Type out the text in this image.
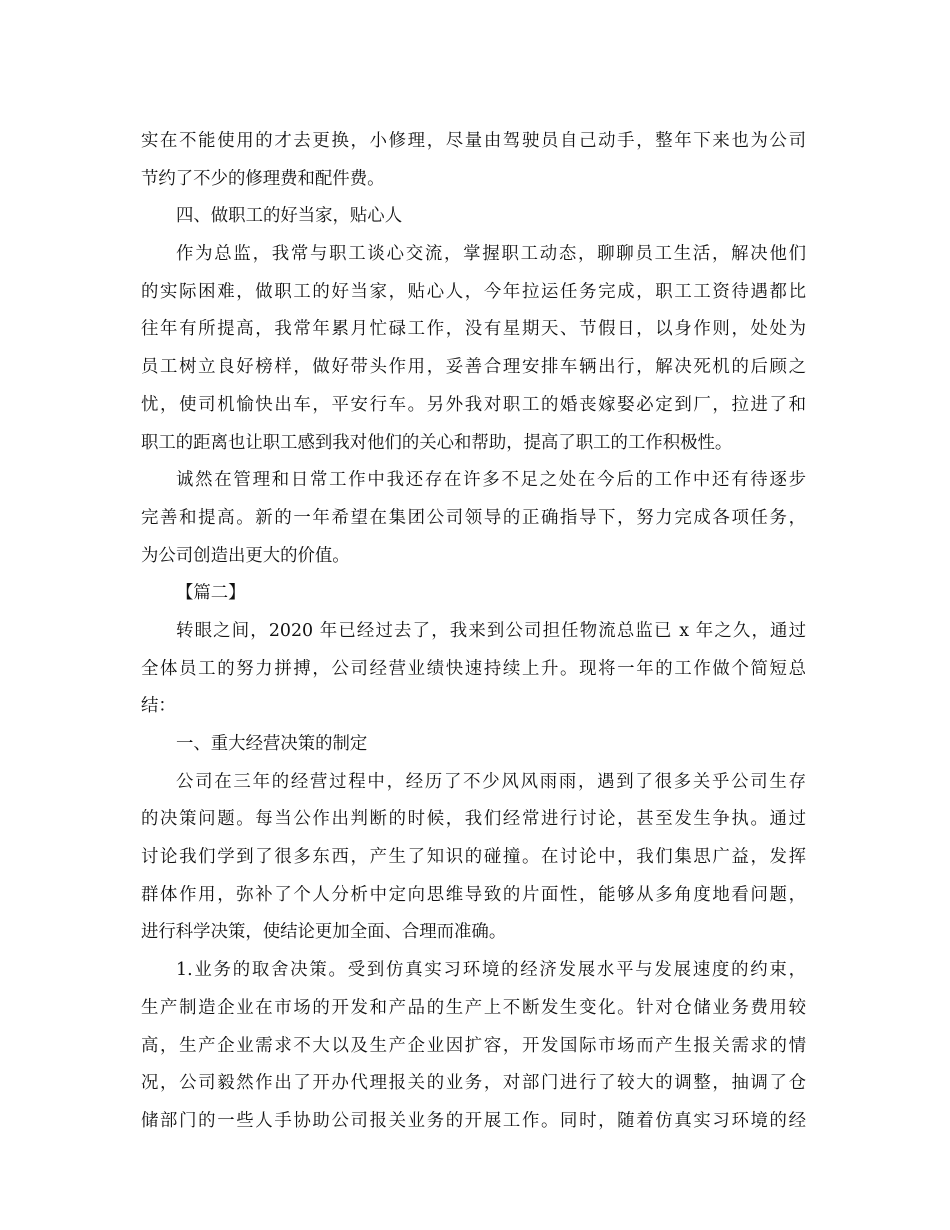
实在不能使用的才去更换，小修理，尽量由驾驶员自己动手，整年下来也为公司
节约了不少的修理费和配件费。
四、做职工的好当家，贴心人
作为总监，我常与职工谈心交流，掌握职工动态，聊聊员工生活，解决他们
的实际困难，做职工的好当家，贴心人，今年拉运任务完成，职工工资待遇都比
往年有所提高，我常年累月忙碌工作，没有星期天、节假日，以身作则，处处为
员工树立良好榜样，做好带头作用，妥善合理安排车辆出行，解决死机的后顾之
忧，使司机愉快出车，平安行车。另外我对职工的婚丧嫁娶必定到厂，拉进了和
职工的距离也让职工感到我对他们的关心和帮助，提高了职工的工作积极性。
诚然在管理和日常工作中我还存在许多不足之处在今后的工作中还有待逐步
完善和提高。新的一年希望在集团公司领导的正确指导下，努力完成各项任务，
为公司创造出更大的价值。
【篇二】
转眼之间，2020 年已经过去了，我来到公司担任物流总监已 x 年之久，通过
全体员工的努力拼搏，公司经营业绩快速持续上升。现将一年的工作做个简短总
结：
一、重大经营决策的制定
公司在三年的经营过程中，经历了不少风风雨雨，遇到了很多关乎公司生存
的决策问题。每当公作出判断的时候，我们经常进行讨论，甚至发生争执。通过
讨论我们学到了很多东西，产生了知识的碰撞。在讨论中，我们集思广益，发挥
群体作用，弥补了个人分析中定向思维导致的片面性，能够从多角度地看问题，
进行科学决策，使结论更加全面、合理而准确。
1.业务的取舍决策。受到仿真实习环境的经济发展水平与发展速度的约束，
生产制造企业在市场的开发和产品的生产上不断发生变化。针对仓储业务费用较
高，生产企业需求不大以及生产企业因扩容，开发国际市场而产生报关需求的情
况，公司毅然作出了开办代理报关的业务，对部门进行了较大的调整，抽调了仓
储部门的一些人手协助公司报关业务的开展工作。同时，随着仿真实习环境的经
